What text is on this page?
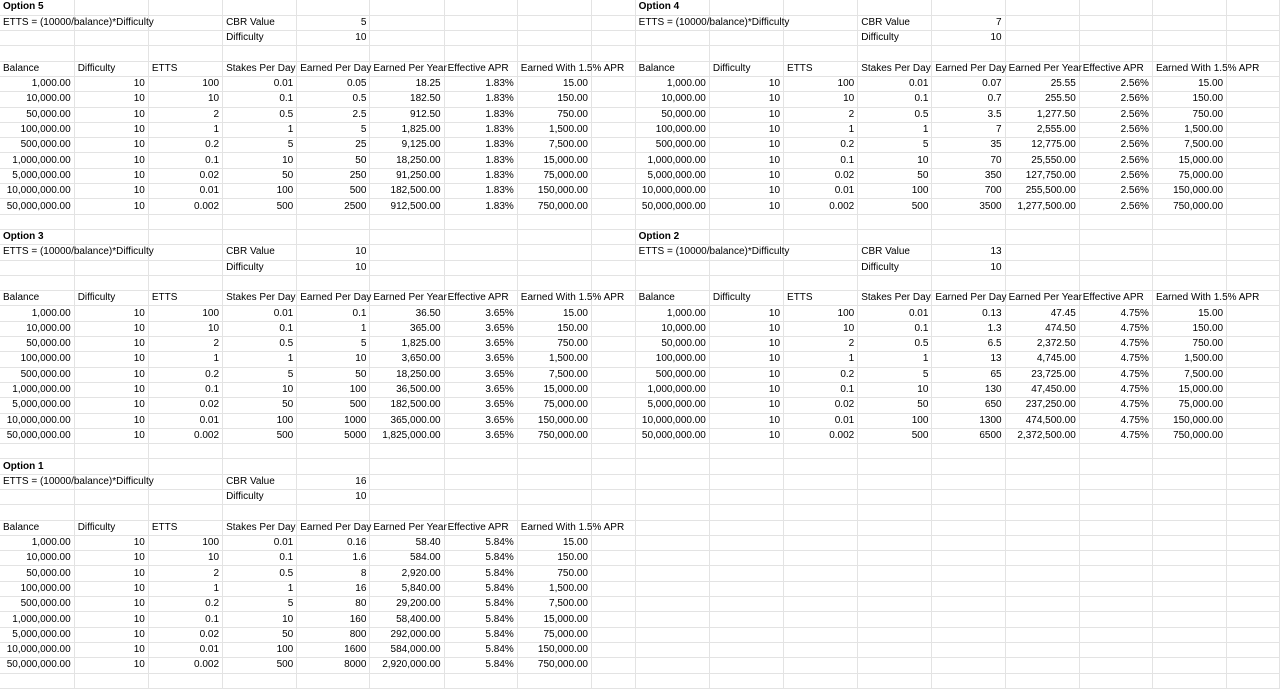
Option 5									Option 4								
ETTS = (10000/balance)*Difficulty			CBR Value	5					ETTS = (10000/balance)*Difficulty			CBR Value	7				
			Difficulty	10								Difficulty	10				

Balance	Difficulty	ETTS	Stakes Per Day	Earned Per Day	Earned Per Year	Effective APR	Earned With 1.5% APR		Balance	Difficulty	ETTS	Stakes Per Day	Earned Per Day	Earned Per Year	Effective APR	Earned With 1.5% APR	
1,000.00	10	100	0.01	0.05	18.25	1.83%	15.00		1,000.00	10	100	0.01	0.07	25.55	2.56%	15.00	
10,000.00	10	10	0.1	0.5	182.50	1.83%	150.00		10,000.00	10	10	0.1	0.7	255.50	2.56%	150.00	
50,000.00	10	2	0.5	2.5	912.50	1.83%	750.00		50,000.00	10	2	0.5	3.5	1,277.50	2.56%	750.00	
100,000.00	10	1	1	5	1,825.00	1.83%	1,500.00		100,000.00	10	1	1	7	2,555.00	2.56%	1,500.00	
500,000.00	10	0.2	5	25	9,125.00	1.83%	7,500.00		500,000.00	10	0.2	5	35	12,775.00	2.56%	7,500.00	
1,000,000.00	10	0.1	10	50	18,250.00	1.83%	15,000.00		1,000,000.00	10	0.1	10	70	25,550.00	2.56%	15,000.00	
5,000,000.00	10	0.02	50	250	91,250.00	1.83%	75,000.00		5,000,000.00	10	0.02	50	350	127,750.00	2.56%	75,000.00	
10,000,000.00	10	0.01	100	500	182,500.00	1.83%	150,000.00		10,000,000.00	10	0.01	100	700	255,500.00	2.56%	150,000.00	
50,000,000.00	10	0.002	500	2500	912,500.00	1.83%	750,000.00		50,000,000.00	10	0.002	500	3500	1,277,500.00	2.56%	750,000.00	

Option 3									Option 2								
ETTS = (10000/balance)*Difficulty			CBR Value	10					ETTS = (10000/balance)*Difficulty			CBR Value	13				
			Difficulty	10								Difficulty	10				

Balance	Difficulty	ETTS	Stakes Per Day	Earned Per Day	Earned Per Year	Effective APR	Earned With 1.5% APR		Balance	Difficulty	ETTS	Stakes Per Day	Earned Per Day	Earned Per Year	Effective APR	Earned With 1.5% APR	
1,000.00	10	100	0.01	0.1	36.50	3.65%	15.00		1,000.00	10	100	0.01	0.13	47.45	4.75%	15.00	
10,000.00	10	10	0.1	1	365.00	3.65%	150.00		10,000.00	10	10	0.1	1.3	474.50	4.75%	150.00	
50,000.00	10	2	0.5	5	1,825.00	3.65%	750.00		50,000.00	10	2	0.5	6.5	2,372.50	4.75%	750.00	
100,000.00	10	1	1	10	3,650.00	3.65%	1,500.00		100,000.00	10	1	1	13	4,745.00	4.75%	1,500.00	
500,000.00	10	0.2	5	50	18,250.00	3.65%	7,500.00		500,000.00	10	0.2	5	65	23,725.00	4.75%	7,500.00	
1,000,000.00	10	0.1	10	100	36,500.00	3.65%	15,000.00		1,000,000.00	10	0.1	10	130	47,450.00	4.75%	15,000.00	
5,000,000.00	10	0.02	50	500	182,500.00	3.65%	75,000.00		5,000,000.00	10	0.02	50	650	237,250.00	4.75%	75,000.00	
10,000,000.00	10	0.01	100	1000	365,000.00	3.65%	150,000.00		10,000,000.00	10	0.01	100	1300	474,500.00	4.75%	150,000.00	
50,000,000.00	10	0.002	500	5000	1,825,000.00	3.65%	750,000.00		50,000,000.00	10	0.002	500	6500	2,372,500.00	4.75%	750,000.00	

Option 1																	
ETTS = (10000/balance)*Difficulty			CBR Value	16													
			Difficulty	10													

Balance	Difficulty	ETTS	Stakes Per Day	Earned Per Day	Earned Per Year	Effective APR	Earned With 1.5% APR										
1,000.00	10	100	0.01	0.16	58.40	5.84%	15.00										
10,000.00	10	10	0.1	1.6	584.00	5.84%	150.00										
50,000.00	10	2	0.5	8	2,920.00	5.84%	750.00										
100,000.00	10	1	1	16	5,840.00	5.84%	1,500.00										
500,000.00	10	0.2	5	80	29,200.00	5.84%	7,500.00										
1,000,000.00	10	0.1	10	160	58,400.00	5.84%	15,000.00										
5,000,000.00	10	0.02	50	800	292,000.00	5.84%	75,000.00										
10,000,000.00	10	0.01	100	1600	584,000.00	5.84%	150,000.00										
50,000,000.00	10	0.002	500	8000	2,920,000.00	5.84%	750,000.00										
